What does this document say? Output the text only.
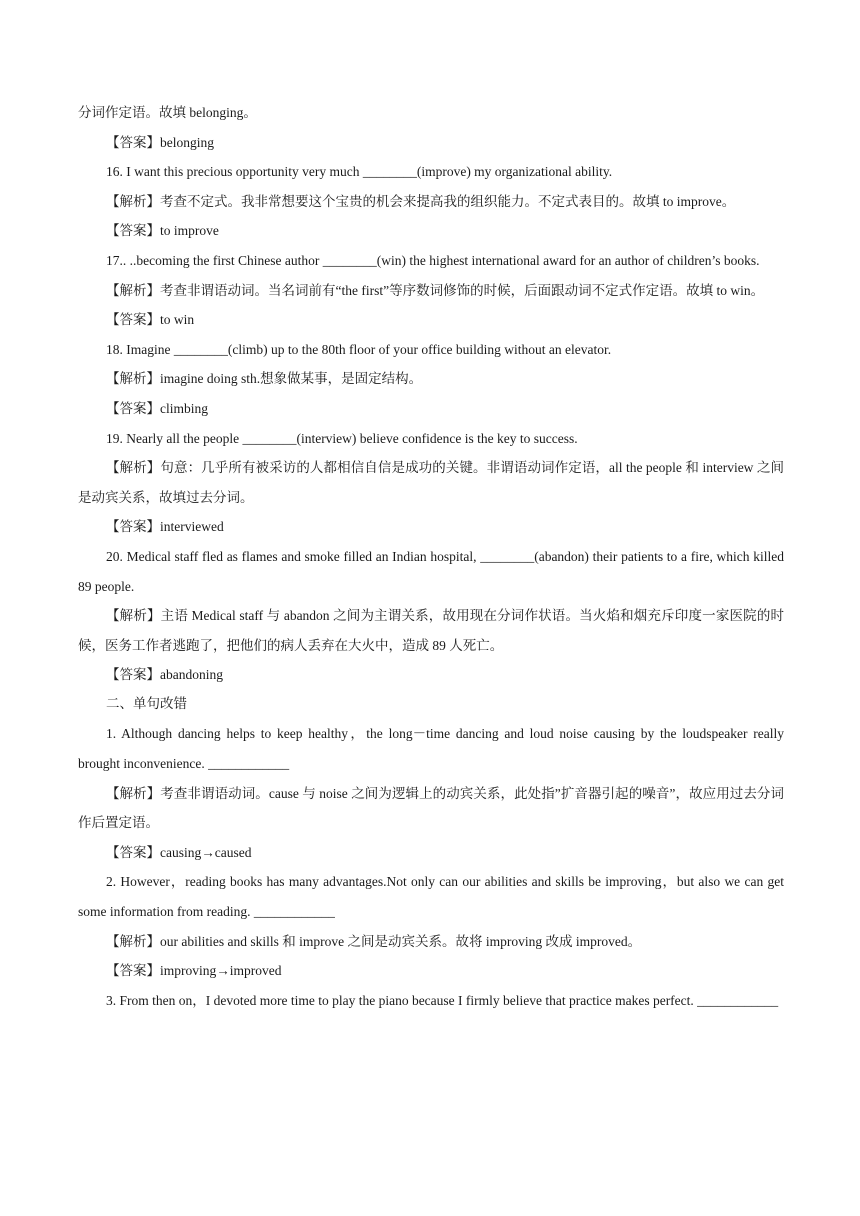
分词作定语。故填 belonging。

【答案】belonging

16. I want this precious opportunity very much ________(improve) my organizational ability.

【解析】考查不定式。我非常想要这个宝贵的机会来提高我的组织能力。不定式表目的。故填 to improve。

【答案】to improve

17.. ..becoming the first Chinese author ________(win) the highest international award for an author of children’s books.

【解析】考查非谓语动词。当名词前有“the first”等序数词修饰的时候，后面跟动词不定式作定语。故填 to win。

【答案】to win

18. Imagine ________(climb) up to the 80th floor of your office building without an elevator.

【解析】imagine doing sth.想象做某事，是固定结构。

【答案】climbing

19. Nearly all the people ________(interview) believe confidence is the key to success.

【解析】句意：几乎所有被采访的人都相信自信是成功的关键。非谓语动词作定语，all the people 和 interview 之间是动宾关系，故填过去分词。

【答案】interviewed

20. Medical staff fled as flames and smoke filled an Indian hospital, ________(abandon) their patients to a fire, which killed 89 people.

【解析】主语 Medical staff 与 abandon 之间为主谓关系，故用现在分词作状语。当火焰和烟充斥印度一家医院的时候，医务工作者逃跑了，把他们的病人丢弃在大火中，造成 89 人死亡。

【答案】abandoning

二、单句改错

1. Although dancing helps to keep healthy，the long－time dancing and loud noise causing by the loudspeaker really brought inconvenience. ____________

【解析】考查非谓语动词。cause 与 noise 之间为逻辑上的动宾关系，此处指”扩音器引起的噪音”，故应用过去分词作后置定语。

【答案】causing→caused

2. However，reading books has many advantages.Not only can our abilities and skills be improving，but also we can get some information from reading. ____________

【解析】our abilities and skills 和 improve 之间是动宾关系。故将 improving 改成 improved。

【答案】improving→improved

3. From then on，I devoted more time to play the piano because I firmly believe that practice makes perfect. ____________
